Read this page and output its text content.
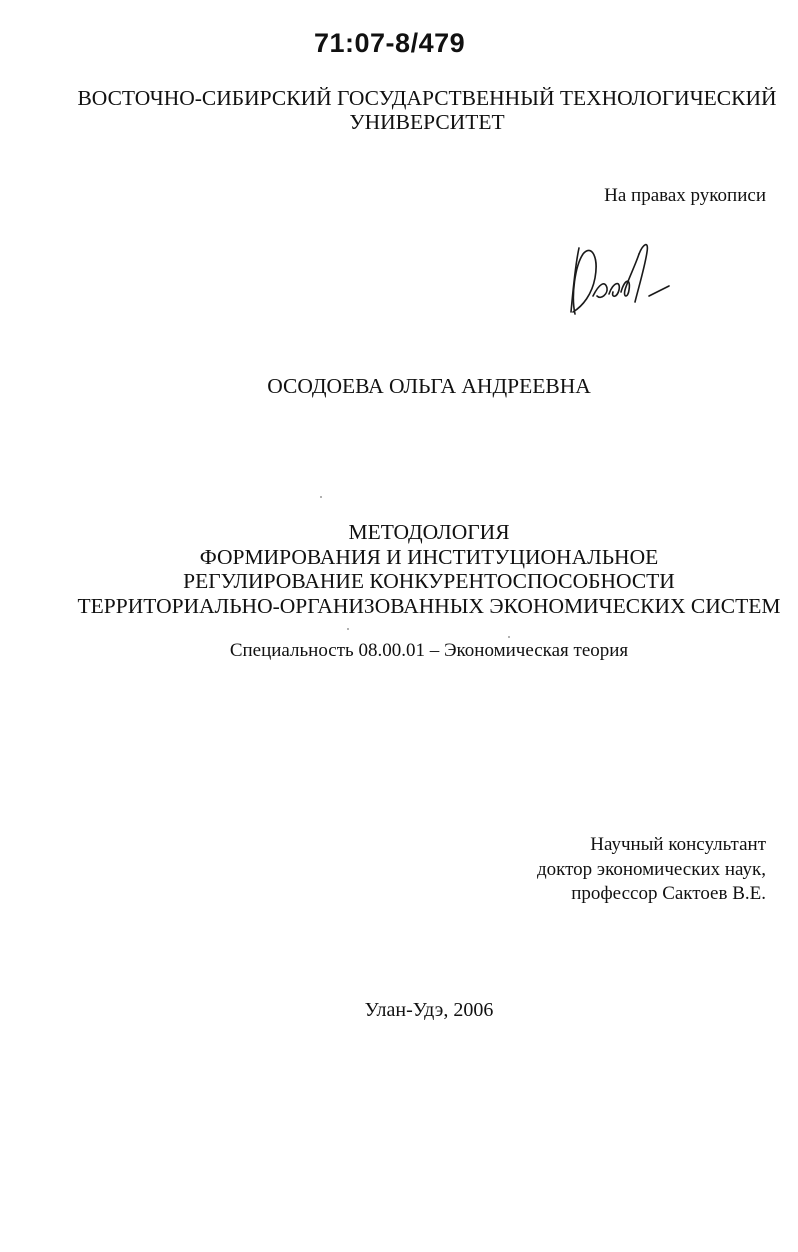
71:07-8/479
ВОСТОЧНО-СИБИРСКИЙ ГОСУДАРСТВЕННЫЙ ТЕХНОЛОГИЧЕСКИЙ
УНИВЕРСИТЕТ
На правах рукописи
ОСОДОЕВА ОЛЬГА АНДРЕЕВНА
МЕТОДОЛОГИЯ
ФОРМИРОВАНИЯ И ИНСТИТУЦИОНАЛЬНОЕ
РЕГУЛИРОВАНИЕ КОНКУРЕНТОСПОСОБНОСТИ
ТЕРРИТОРИАЛЬНО-ОРГАНИЗОВАННЫХ ЭКОНОМИЧЕСКИХ СИСТЕМ
Специальность 08.00.01 – Экономическая теория
Научный консультант
доктор экономических наук,
профессор Сактоев В.Е.
Улан-Удэ, 2006
